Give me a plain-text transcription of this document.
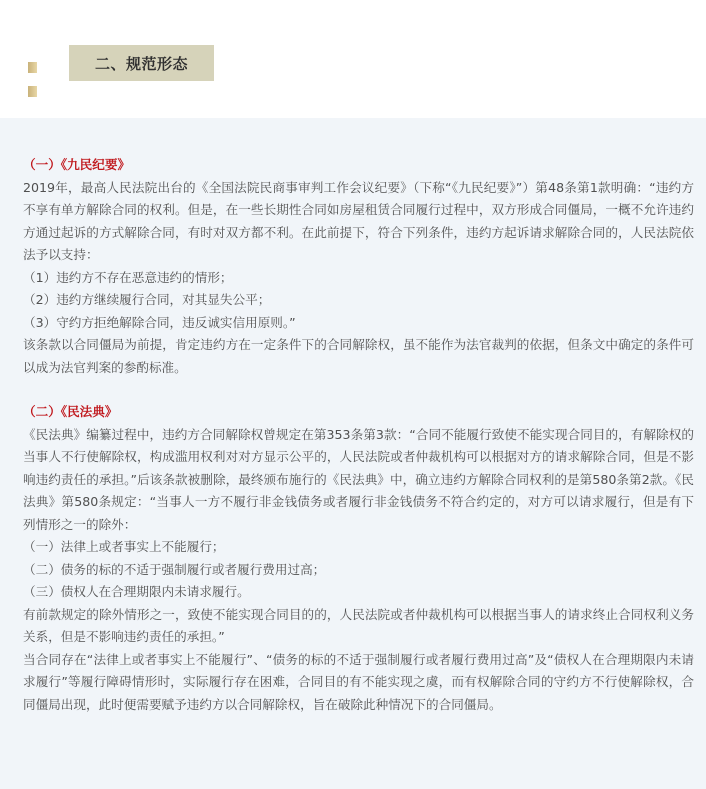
二、规范形态

（一）《九民纪要》

2019年，最高人民法院出台的《全国法院民商事审判工作会议纪要》（下称“《九民纪要》”）第48条第1款明确：“违约方不享有单方解除合同的权利。但是，在一些长期性合同如房屋租赁合同履行过程中，双方形成合同僵局，一概不允许违约方通过起诉的方式解除合同，有时对双方都不利。在此前提下，符合下列条件，违约方起诉请求解除合同的，人民法院依法予以支持：

（1）违约方不存在恶意违约的情形；

（2）违约方继续履行合同，对其显失公平；

（3）守约方拒绝解除合同，违反诚实信用原则。”

该条款以合同僵局为前提，肯定违约方在一定条件下的合同解除权，虽不能作为法官裁判的依据，但条文中确定的条件可以成为法官判案的参酌标准。

（二）《民法典》

《民法典》编纂过程中，违约方合同解除权曾规定在第353条第3款：“合同不能履行致使不能实现合同目的，有解除权的当事人不行使解除权，构成滥用权利对对方显示公平的，人民法院或者仲裁机构可以根据对方的请求解除合同，但是不影响违约责任的承担。”后该条款被删除，最终颁布施行的《民法典》中，确立违约方解除合同权利的是第580条第2款。《民法典》第580条规定：“当事人一方不履行非金钱债务或者履行非金钱债务不符合约定的，对方可以请求履行，但是有下列情形之一的除外：

（一）法律上或者事实上不能履行；

（二）债务的标的不适于强制履行或者履行费用过高；

（三）债权人在合理期限内未请求履行。

有前款规定的除外情形之一，致使不能实现合同目的的，人民法院或者仲裁机构可以根据当事人的请求终止合同权利义务关系，但是不影响违约责任的承担。”

当合同存在“法律上或者事实上不能履行”、“债务的标的不适于强制履行或者履行费用过高”及“债权人在合理期限内未请求履行”等履行障碍情形时，实际履行存在困难，合同目的有不能实现之虞，而有权解除合同的守约方不行使解除权，合同僵局出现，此时便需要赋予违约方以合同解除权，旨在破除此种情况下的合同僵局。
